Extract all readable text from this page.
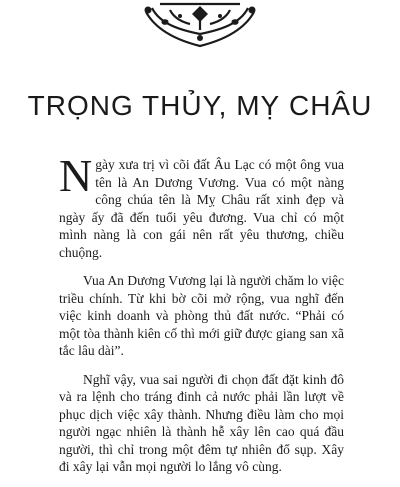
TRỌNG THỦY, MỴ CHÂU

Ngày xưa trị vì cõi đất Âu Lạc có một ông vua tên là An Dương Vương. Vua có một nàng công chúa tên là Mỵ Châu rất xinh đẹp và ngày ấy đã đến tuổi yêu đương. Vua chỉ có một mình nàng là con gái nên rất yêu thương, chiều chuộng.

Vua An Dương Vương lại là người chăm lo việc triều chính. Từ khi bờ cõi mở rộng, vua nghĩ đến việc kinh doanh và phòng thủ đất nước. “Phải có một tòa thành kiên cố thì mới giữ được giang san xã tắc lâu dài”.

Nghĩ vậy, vua sai người đi chọn đất đặt kinh đô và ra lệnh cho tráng đinh cả nước phải lần lượt về phục dịch việc xây thành. Nhưng điều làm cho mọi người ngạc nhiên là thành hễ xây lên cao quá đầu người, thì chỉ trong một đêm tự nhiên đổ sụp. Xây đi xây lại vẫn mọi người lo lắng vô cùng.
